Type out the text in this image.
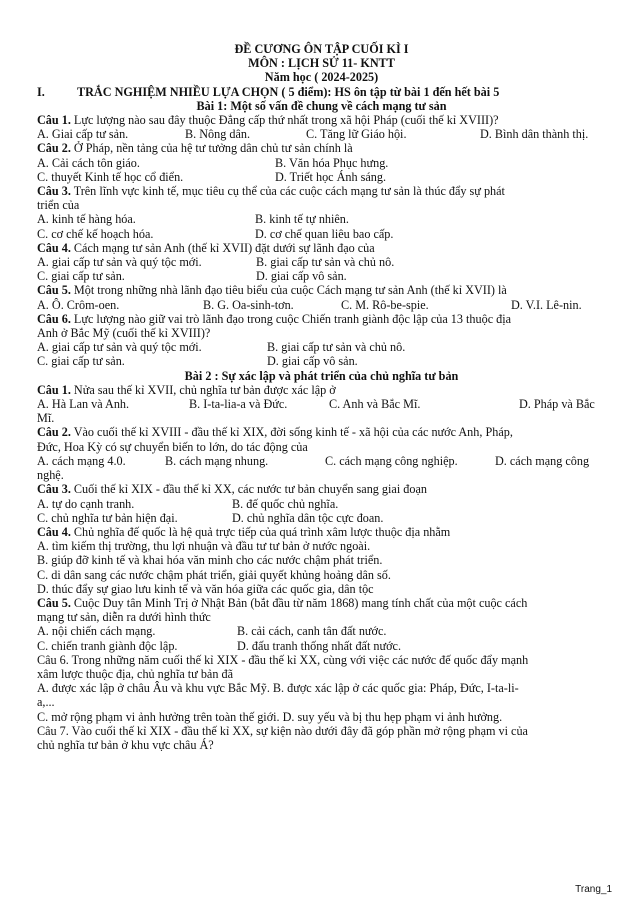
ĐỀ CƯƠNG ÔN TẬP CUỐI KÌ I
MÔN : LỊCH SỬ 11- KNTT
Năm học ( 2024-2025)
I.	TRẮC NGHIỆM NHIỀU LỰA CHỌN ( 5 điểm): HS ôn tập từ bài 1 đến hết bài 5
Bài 1: Một số vấn đề chung về cách mạng tư sản

Câu 1. Lực lượng nào sau đây thuộc Đẳng cấp thứ nhất trong xã hội Pháp (cuối thế kỉ XVIII)?

A. Giai cấp tư sản.	B. Nông dân.	C. Tăng lữ Giáo hội.	D. Bình dân thành thị.

Câu 2. Ở Pháp, nền tảng của hệ tư tưởng dân chủ tư sản chính là

A. Cải cách tôn giáo.	B. Văn hóa Phục hưng.
C. thuyết Kinh tế học cổ điển.	D. Triết học Ánh sáng.

Câu 3. Trên lĩnh vực kinh tế, mục tiêu cụ thể của các cuộc cách mạng tư sản là thúc đẩy sự phát

triển của

A. kinh tế hàng hóa.	B. kinh tế tự nhiên.
C. cơ chế kế hoạch hóa.	D. cơ chế quan liêu bao cấp.

Câu 4. Cách mạng tư sản Anh (thế kỉ XVII) đặt dưới sự lãnh đạo của

A. giai cấp tư sản và quý tộc mới.	B. giai cấp tư sản và chủ nô.
C. giai cấp tư sản.	D. giai cấp vô sản.

Câu 5. Một trong những nhà lãnh đạo tiêu biểu của cuộc Cách mạng tư sản Anh (thế kỉ XVII) là

A. Ô. Crôm-oen.	B. G. Oa-sinh-tơn.	C. M. Rô-be-spie.	D. V.I. Lê-nin.

Câu 6. Lực lượng nào giữ vai trò lãnh đạo trong cuộc Chiến tranh giành độc lập của 13 thuộc địa

Anh ở Bắc Mỹ (cuối thế kỉ XVIII)?

A. giai cấp tư sản và quý tộc mới.	B. giai cấp tư sản và chủ nô.
C. giai cấp tư sản.	D. giai cấp vô sản.
Bài 2 : Sự xác lập và phát triển của chủ nghĩa tư bản

Câu 1. Nửa sau thế kỉ XVII, chủ nghĩa tư bản được xác lập ở

A. Hà Lan và Anh.	B. I-ta-lia-a và Đức.	C. Anh và Bắc Mĩ.	D. Pháp và Bắc

Mĩ.

Câu 2. Vào cuối thế kỉ XVIII - đầu thế kỉ XIX, đời sống kinh tế - xã hội của các nước Anh, Pháp,

Đức, Hoa Kỳ có sự chuyển biến to lớn, do tác động của

A. cách mạng 4.0.	B. cách mạng nhung.	C. cách mạng công nghiệp.	D. cách mạng công

nghệ.

Câu 3. Cuối thế kỉ XIX - đầu thế kỉ XX, các nước tư bản chuyển sang giai đoạn

A. tự do cạnh tranh.	B. đế quốc chủ nghĩa.
C. chủ nghĩa tư bản hiện đại.	D. chủ nghĩa dân tộc cực đoan.

Câu 4. Chủ nghĩa đế quốc là hệ quả trực tiếp của quá trình xâm lược thuộc địa nhằm

A. tìm kiếm thị trường, thu lợi nhuận và đầu tư tư bản ở nước ngoài.

B. giúp đỡ kinh tế và khai hóa văn minh cho các nước chậm phát triển.

C. di dân sang các nước chậm phát triển, giải quyết khủng hoảng dân số.

D. thúc đẩy sự giao lưu kinh tế và văn hóa giữa các quốc gia, dân tộc

Câu 5. Cuộc Duy tân Minh Trị ở Nhật Bản (bắt đầu từ năm 1868) mang tính chất của một cuộc cách

mạng tư sản, diễn ra dưới hình thức

A. nội chiến cách mạng.	B. cải cách, canh tân đất nước.
C. chiến tranh giành độc lập.	D. đấu tranh thống nhất đất nước.

Câu 6. Trong những năm cuối thế kỉ XIX - đầu thế kỉ XX, cùng với việc các nước đế quốc đẩy mạnh

xâm lược thuộc địa, chủ nghĩa tư bản đã

A. được xác lập ở châu Âu và khu vực Bắc Mỹ. B. được xác lập ở các quốc gia: Pháp, Đức, I-ta-li-

a,...

C. mở rộng phạm vi ảnh hưởng trên toàn thế giới. D. suy yếu và bị thu hẹp phạm vi ảnh hưởng.

Câu 7. Vào cuối thế kỉ XIX - đầu thế kỉ XX, sự kiện nào dưới đây đã góp phần mở rộng phạm vi của

chủ nghĩa tư bản ở khu vực châu Á?

Trang_1
